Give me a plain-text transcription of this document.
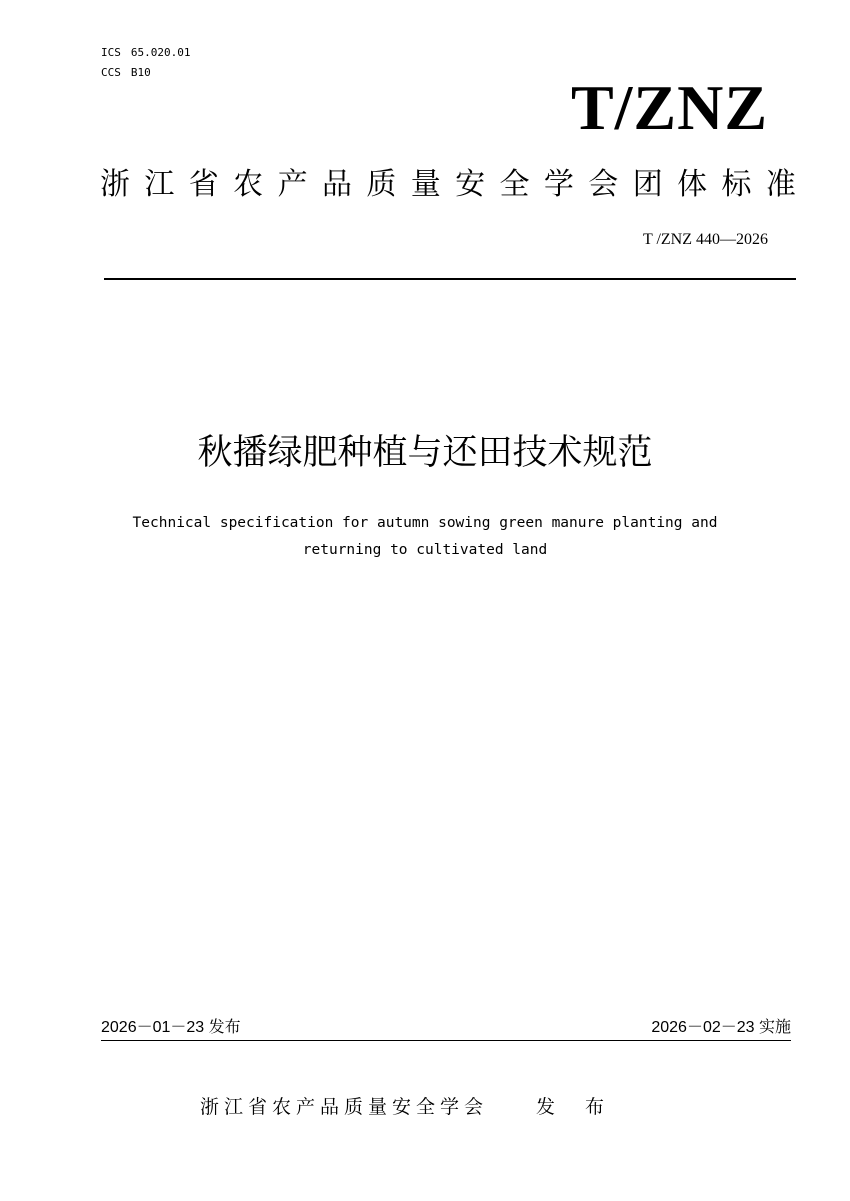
ICS 65.020.01
CCS B10	T/ZNZ
浙 江 省 农 产 品 质 量 安 全 学 会 团 体 标 准
T /ZNZ 440—2026
秋播绿肥种植与还田技术规范
Technical specification for autumn sowing green manure planting and
returning to cultivated land
2026－01－23 发布	2026－02－23 实施
浙江省农产品质量安全学会	发 布
